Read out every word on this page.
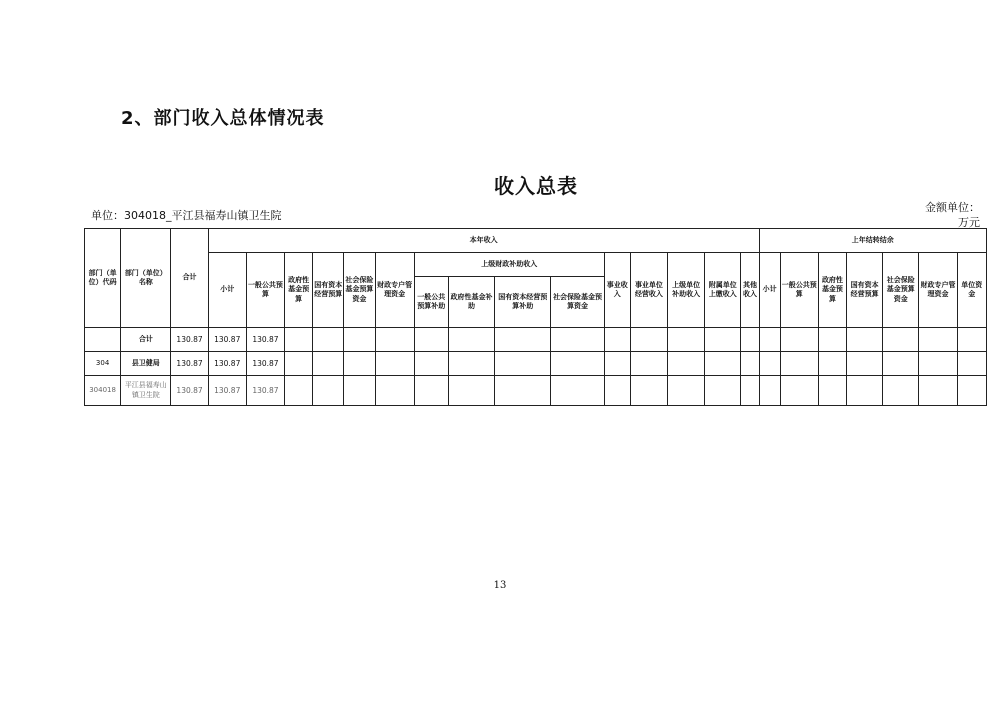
2、部门收入总体情况表
收入总表
单位：304018_平江县福寿山镇卫生院
金额单位：
万元
部门（单位）代码	部门（单位）名称	合计	本年收入															上年结转结余						
			小计	一般公共预算	政府性基金预算	国有资本经营预算	社会保险基金预算资金	财政专户管理资金	上级财政补助收入				事业收入	事业单位经营收入	上级单位补助收入	附属单位上缴收入	其他收入	小计	一般公共预算	政府性基金预算	国有资本经营预算	社会保险基金预算资金	财政专户管理资金	单位资金
									一般公共预算补助	政府性基金补助	国有资本经营预算补助	社会保险基金预算资金												
	合计	130.87	130.87	130.87																				
304	县卫健局	130.87	130.87	130.87																				
304018	平江县福寿山镇卫生院	130.87	130.87	130.87																				
13
